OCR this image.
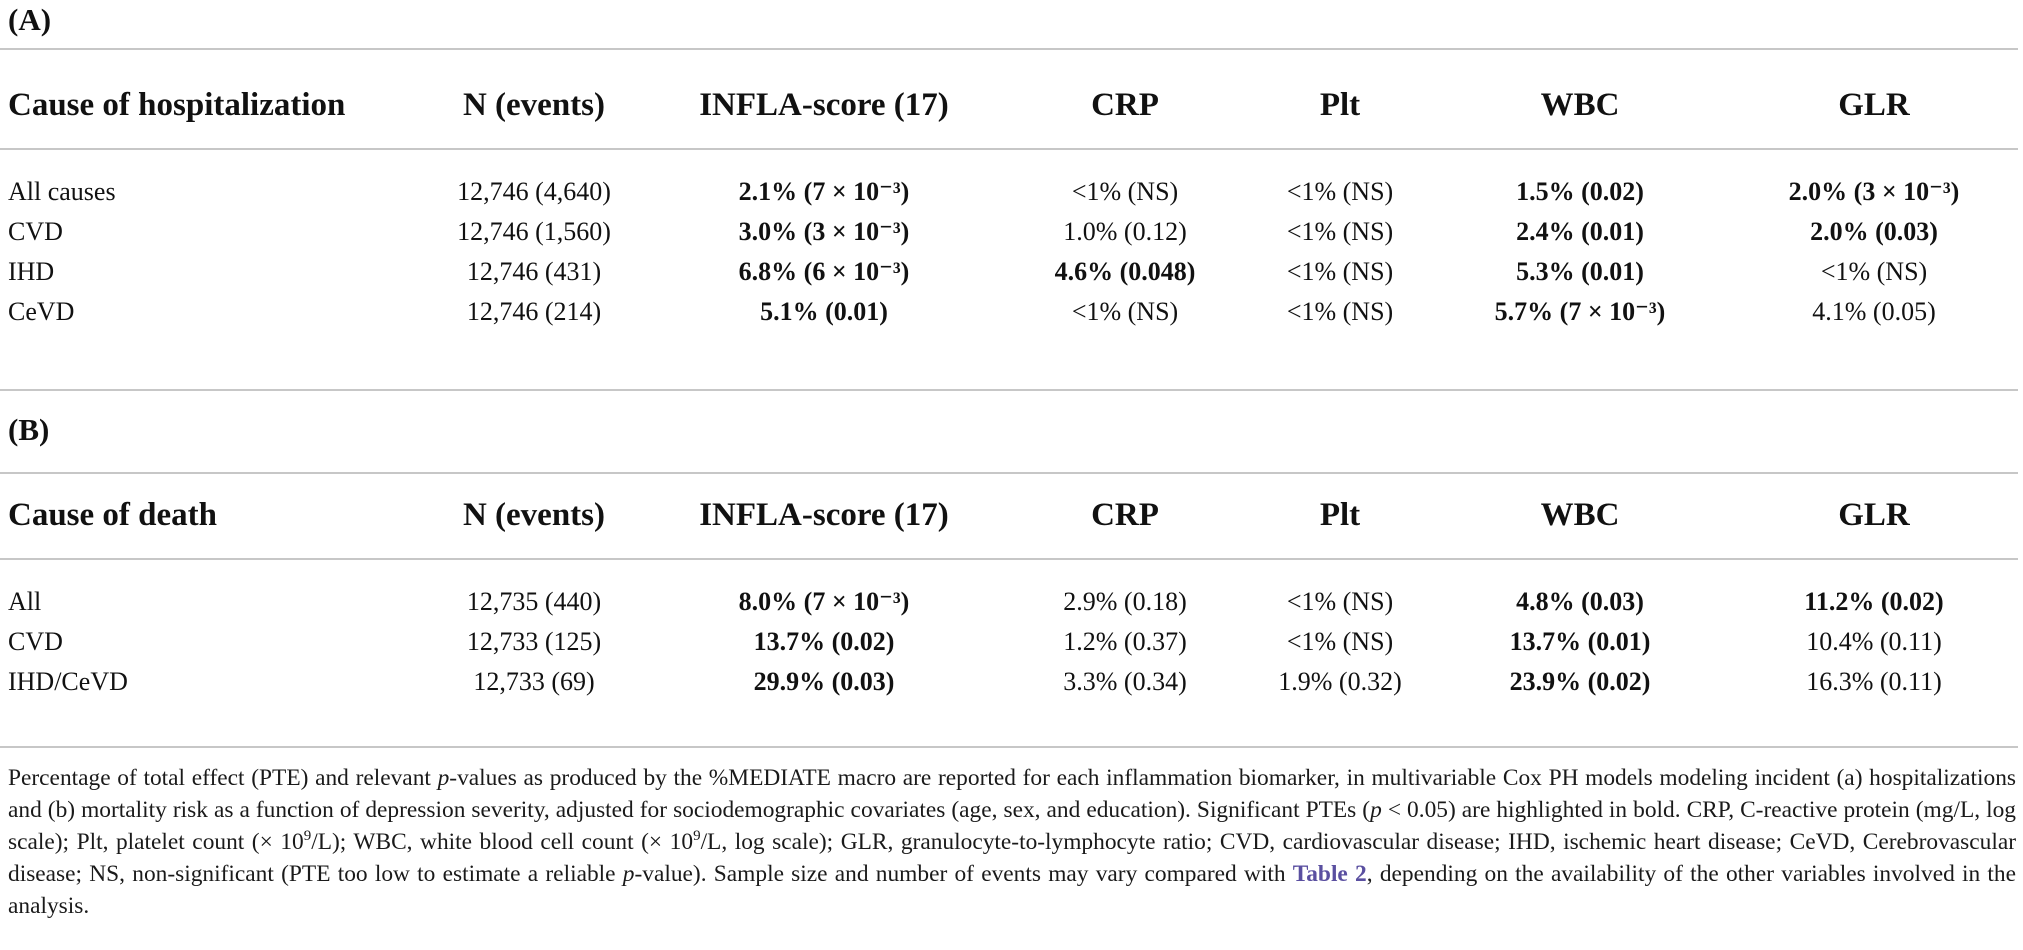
(A)
Cause of hospitalization	N (events)	INFLA-score (17)	CRP	Plt	WBC	GLR
All causes	12,746 (4,640)	2.1% (7 × 10⁻³)	<1% (NS)	<1% (NS)	1.5% (0.02)	2.0% (3 × 10⁻³)
CVD	12,746 (1,560)	3.0% (3 × 10⁻³)	1.0% (0.12)	<1% (NS)	2.4% (0.01)	2.0% (0.03)
IHD	12,746 (431)	6.8% (6 × 10⁻³)	4.6% (0.048)	<1% (NS)	5.3% (0.01)	<1% (NS)
CeVD	12,746 (214)	5.1% (0.01)	<1% (NS)	<1% (NS)	5.7% (7 × 10⁻³)	4.1% (0.05)
(B)
Cause of death	N (events)	INFLA-score (17)	CRP	Plt	WBC	GLR
All	12,735 (440)	8.0% (7 × 10⁻³)	2.9% (0.18)	<1% (NS)	4.8% (0.03)	11.2% (0.02)
CVD	12,733 (125)	13.7% (0.02)	1.2% (0.37)	<1% (NS)	13.7% (0.01)	10.4% (0.11)
IHD/CeVD	12,733 (69)	29.9% (0.03)	3.3% (0.34)	1.9% (0.32)	23.9% (0.02)	16.3% (0.11)
Percentage of total effect (PTE) and relevant p-values as produced by the %MEDIATE macro are reported for each inflammation biomarker, in multivariable Cox PH models modeling incident (a) hospitalizations and (b) mortality risk as a function of depression severity, adjusted for sociodemographic covariates (age, sex, and education). Significant PTEs (p < 0.05) are highlighted in bold. CRP, C-reactive protein (mg/L, log scale); Plt, platelet count (× $10^9/L$); WBC, white blood cell count (× $10^9/L$, log scale); GLR, granulocyte-to-lymphocyte ratio; CVD, cardiovascular disease; IHD, ischemic heart disease; CeVD, Cerebrovascular disease; NS, non-significant (PTE too low to estimate a reliable p-value). Sample size and number of events may vary compared with Table 2, depending on the availability of the other variables involved in the analysis.
